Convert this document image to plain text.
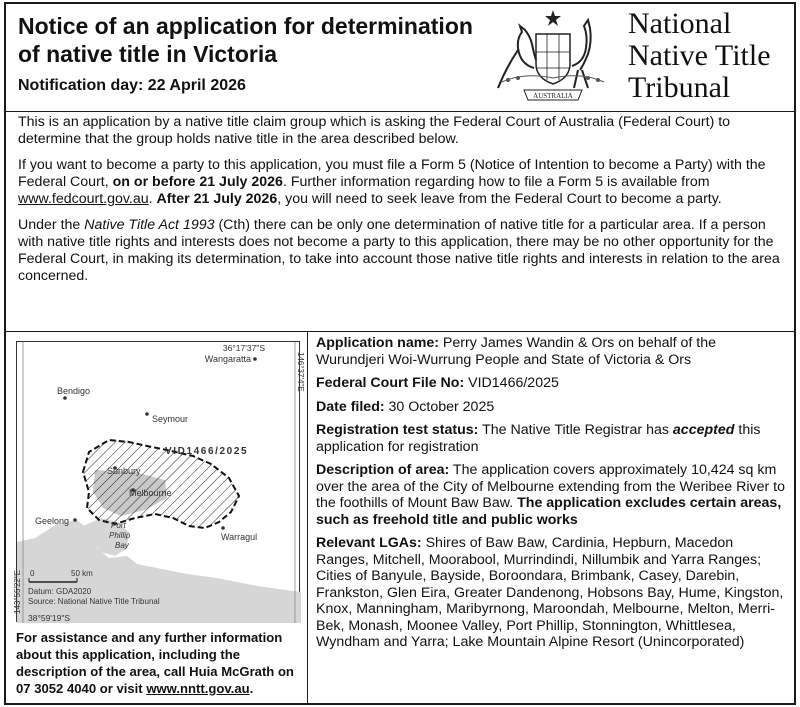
Notice of an application for determination of native title in Victoria
Notification day: 22 April 2026
AUSTRALIA
National
Native Title
Tribunal

This is an application by a native title claim group which is asking the Federal Court of Australia (Federal Court) to determine that the group holds native title in the area described below.

If you want to become a party to this application, you must file a Form 5 (Notice of Intention to become a Party) with the Federal Court, on or before 21 July 2026. Further information regarding how to file a Form 5 is available from www.fedcourt.gov.au. After 21 July 2026, you will need to seek leave from the Federal Court to become a party.

Under the Native Title Act 1993 (Cth) there can be only one determination of native title for a particular area. If a person with native title rights and interests does not become a party to this application, there may be no other opportunity for the Federal Court, in making its determination, to take into account those native title rights and interests in relation to the area concerned.

36°17'37"S
146°37'4"E
143°55'22"E
38°59'19"S
Wangaratta
Bendigo
Seymour
Sunbury
Melbourne
Geelong
Warragul
VID1466/2025
Port
Phillip
Bay
0	50 km
Datum: GDA2020
Source: National Native Title Tribunal
For assistance and any further information about this application, including the description of the area, call Huia McGrath on 07 3052 4040 or visit www.nntt.gov.au.

Application name: Perry James Wandin & Ors on behalf of the Wurundjeri Woi-Wurrung People and State of Victoria & Ors

Federal Court File No: VID1466/2025

Date filed: 30 October 2025

Registration test status: The Native Title Registrar has accepted this application for registration

Description of area: The application covers approximately 10,424 sq km over the area of the City of Melbourne extending from the Weribee River to the foothills of Mount Baw Baw. The application excludes certain areas, such as freehold title and public works

Relevant LGAs: Shires of Baw Baw, Cardinia, Hepburn, Macedon Ranges, Mitchell, Moorabool, Murrindindi, Nillumbik and Yarra Ranges; Cities of Banyule, Bayside, Boroondara, Brimbank, Casey, Darebin, Frankston, Glen Eira, Greater Dandenong, Hobsons Bay, Hume, Kingston, Knox, Manningham, Maribyrnong, Maroondah, Melbourne, Melton, Merri-Bek, Monash, Moonee Valley, Port Phillip, Stonnington, Whittlesea, Wyndham and Yarra; Lake Mountain Alpine Resort (Unincorporated)
